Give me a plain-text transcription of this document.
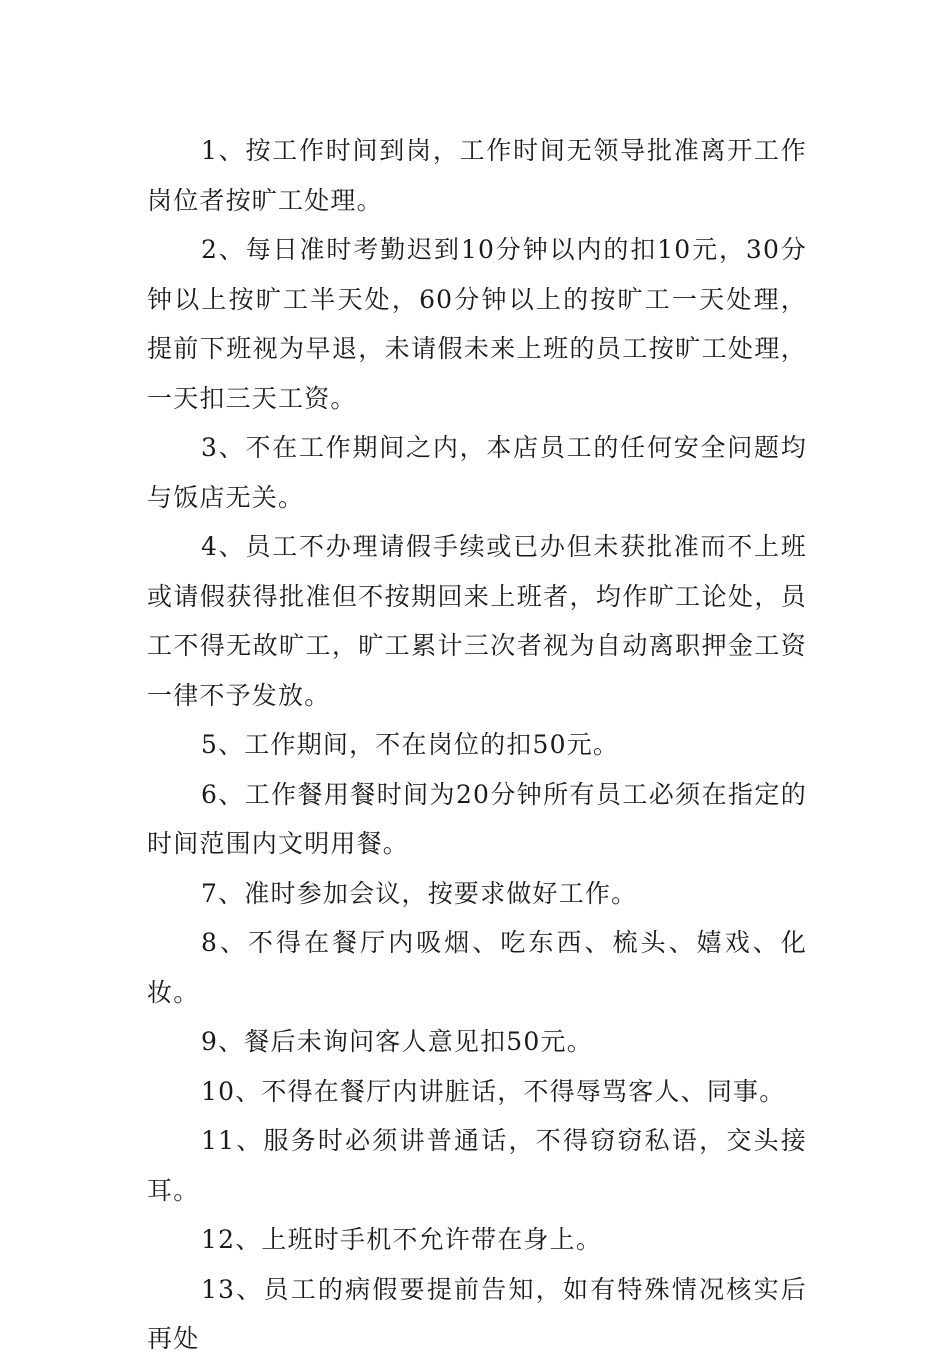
1、按工作时间到岗，工作时间无领导批准离开工作岗位者按旷工处理。

2、每日准时考勤迟到10分钟以内的扣10元，30分钟以上按旷工半天处，60分钟以上的按旷工一天处理，提前下班视为早退，未请假未来上班的员工按旷工处理，一天扣三天工资。

3、不在工作期间之内，本店员工的任何安全问题均与饭店无关。

4、员工不办理请假手续或已办但未获批准而不上班或请假获得批准但不按期回来上班者，均作旷工论处，员工不得无故旷工，旷工累计三次者视为自动离职押金工资一律不予发放。

5、工作期间，不在岗位的扣50元。

6、工作餐用餐时间为20分钟所有员工必须在指定的时间范围内文明用餐。

7、准时参加会议，按要求做好工作。

8、不得在餐厅内吸烟、吃东西、梳头、嬉戏、化妆。

9、餐后未询问客人意见扣50元。

10、不得在餐厅内讲脏话，不得辱骂客人、同事。

11、服务时必须讲普通话，不得窃窃私语，交头接耳。

12、上班时手机不允许带在身上。

13、员工的病假要提前告知，如有特殊情况核实后再处
